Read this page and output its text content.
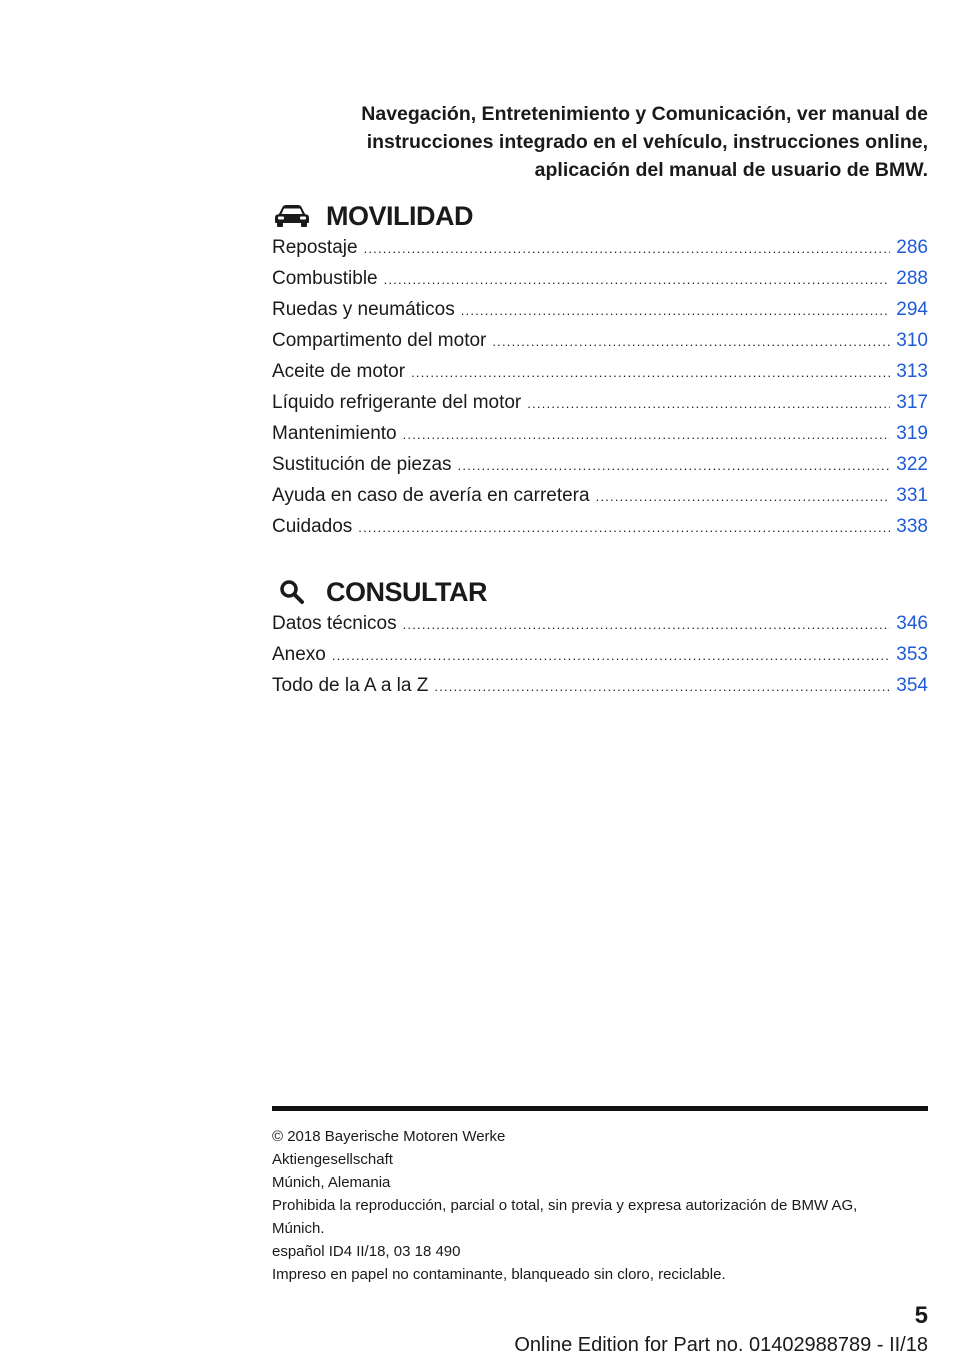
Navegación, Entretenimiento y Comunicación, ver manual de
instrucciones integrado en el vehículo, instrucciones online,
aplicación del manual de usuario de BMW.
MOVILIDAD
Repostaje .....	286
Combustible .....	288
Ruedas y neumáticos .....	294
Compartimento del motor .....	310
Aceite de motor .....	313
Líquido refrigerante del motor .....	317
Mantenimiento .....	319
Sustitución de piezas .....	322
Ayuda en caso de avería en carretera .....	331
Cuidados .....	338
CONSULTAR
Datos técnicos .....	346
Anexo .....	353
Todo de la A a la Z .....	354

© 2018 Bayerische Motoren Werke

Aktiengesellschaft

Múnich, Alemania

Prohibida la reproducción, parcial o total, sin previa y expresa autorización de BMW AG,

Múnich.

español ID4 II/18, 03 18 490

Impreso en papel no contaminante, blanqueado sin cloro, reciclable.

5
Online Edition for Part no. 01402988789 - II/18
